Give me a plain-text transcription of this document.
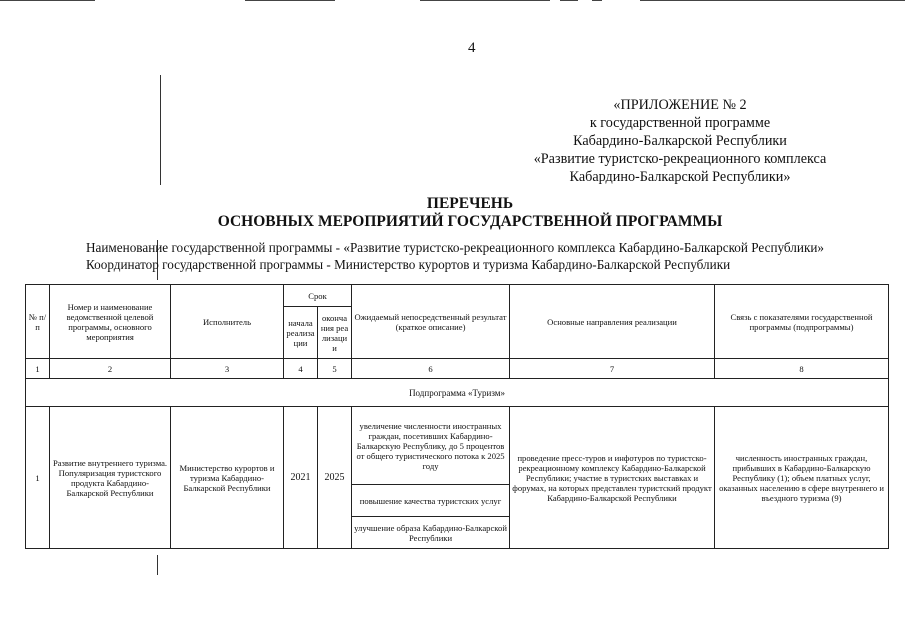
4
«ПРИЛОЖЕНИЕ № 2
к государственной программе
Кабардино-Балкарской Республики
«Развитие туристско-рекреационного комплекса
Кабардино-Балкарской Республики»
ПЕРЕЧЕНЬ
ОСНОВНЫХ МЕРОПРИЯТИЙ ГОСУДАРСТВЕННОЙ ПРОГРАММЫ
Наименование государственной программы - «Развитие туристско-рекреационного комплекса Кабардино-Балкарской Республики»
Координатор государственной программы - Министерство курортов и туризма Кабардино-Балкарской Республики
№ п/п	Номер и наименование ведомственной целевой программы, основного мероприятия	Исполнитель	Срок		Ожидаемый непосредственный результат (краткое описание)	Основные направления реализации	Связь с показателями государственной программы (подпрограммы)
			начала реализации	окончания реализации			
1	2	3	4	5	6	7	8
Подпрограмма «Туризм»							
1	Развитие внутреннего туризма. Популяризация туристского продукта Кабардино-Балкарской Республики	Министерство курортов и туризма Кабардино-Балкарской Республики	2021	2025	увеличение численности иностранных граждан, посетивших Кабардино-Балкарскую Республику, до 5 процентов от общего туристического потока к 2025 году	проведение пресс-туров и инфотуров по туристско-рекреационному комплексу Кабардино-Балкарской Республики; участие в туристских выставках и форумах, на которых представлен туристский продукт Кабардино-Балкарской Республики	численность иностранных граждан, прибывших в Кабардино-Балкарскую Республику (1); объем платных услуг, оказанных населению в сфере внутреннего и въездного туризма (9)
					повышение качества туристских услуг		
					улучшение образа Кабардино-Балкарской Республики		
